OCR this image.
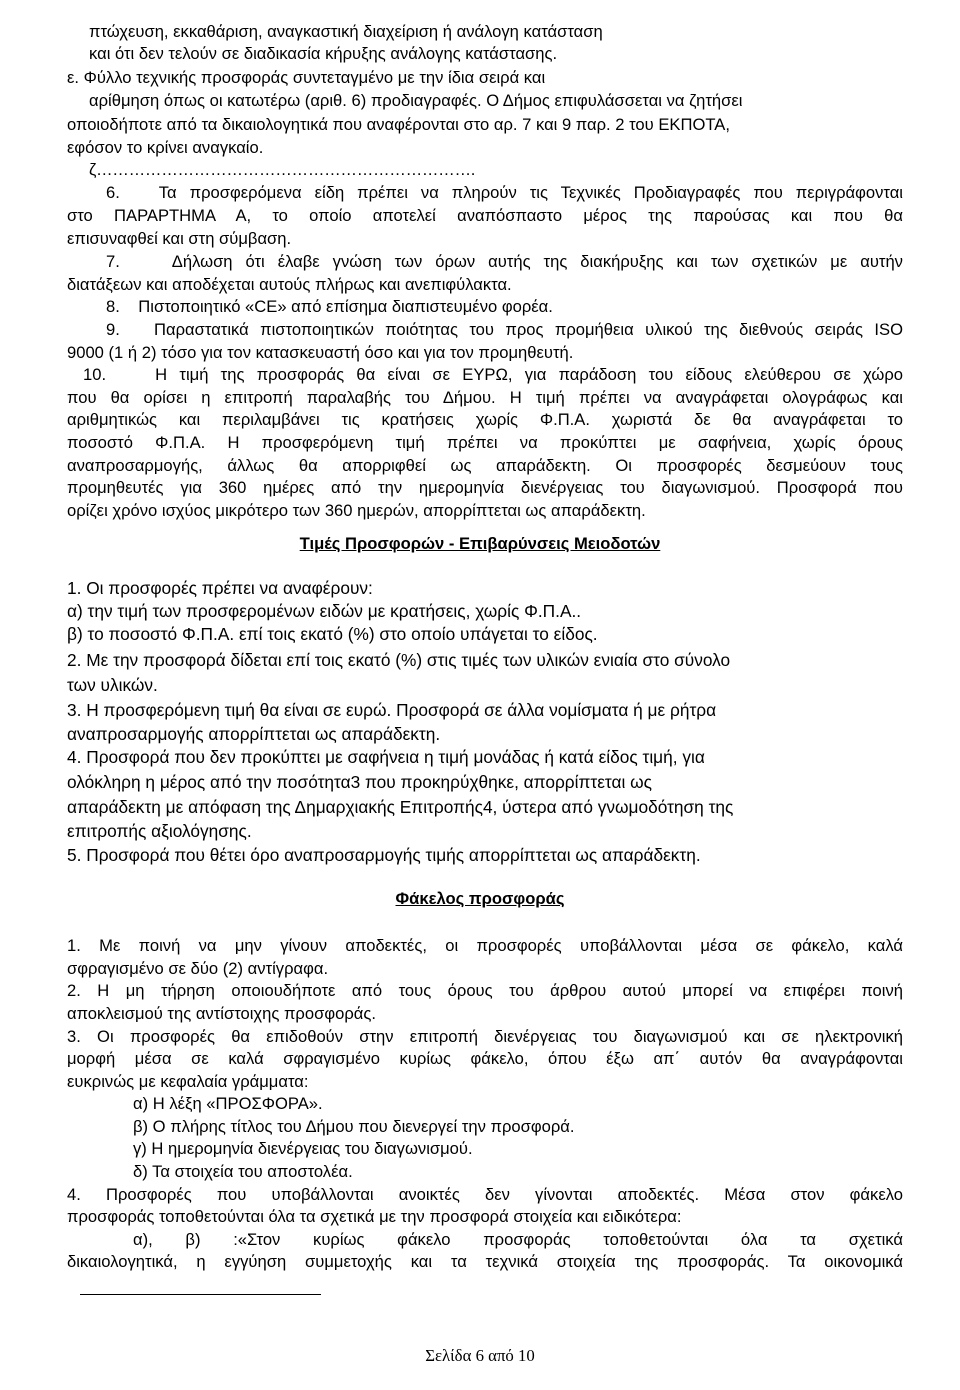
πτώχευση, εκκαθάριση, αναγκαστική διαχείριση ή ανάλογη κατάσταση

και ότι δεν τελούν σε διαδικασία κήρυξης ανάλογης κατάστασης.

ε. Φύλλο τεχνικής προσφοράς συντεταγμένο με την ίδια σειρά και

αρίθμηση όπως οι κατωτέρω (αριθ. 6) προδιαγραφές. Ο Δήμος επιφυλάσσεται να ζητήσει

οποιοδήποτε από τα δικαιολογητικά που αναφέρονται στο αρ. 7 και 9 παρ. 2 του ΕΚΠΟΤΑ,

εφόσον το κρίνει αναγκαίο.

ζ…………………………………………………………….

6. Τα προσφερόμενα είδη πρέπει να πληρούν τις Τεχνικές Προδιαγραφές που περιγράφονται

στο ΠΑΡΑΡΤΗΜΑ Α, το οποίο αποτελεί αναπόσπαστο μέρος της παρούσας και που θα

επισυναφθεί και στη σύμβαση.

7.	Δήλωση ότι έλαβε γνώση των όρων αυτής της διακήρυξης και των σχετικών με αυτήν

διατάξεων και αποδέχεται αυτούς πλήρως και ανεπιφύλακτα.

8. Πιστοποιητικό «CE» από επίσημα διαπιστευμένο φορέα.

9. Παραστατικά πιστοποιητικών ποιότητας του προς προμήθεια υλικού της διεθνούς σειράς ISO

9000 (1 ή 2) τόσο για τον κατασκευαστή όσο και για τον προμηθευτή.

10.	Η τιμή της προσφοράς θα είναι σε ΕΥΡΩ, για παράδοση του είδους ελεύθερου σε χώρο

που θα ορίσει η επιτροπή παραλαβής του Δήμου. Η τιμή πρέπει να αναγράφεται ολογράφως και

αριθμητικώς και περιλαμβάνει τις κρατήσεις χωρίς Φ.Π.Α. χωριστά δε θα αναγράφεται το

ποσοστό Φ.Π.Α. Η προσφερόμενη τιμή πρέπει να προκύπτει με σαφήνεια, χωρίς όρους

αναπροσαρμογής, άλλως θα απορριφθεί ως απαράδεκτη. Οι προσφορές δεσμεύουν τους

προμηθευτές για 360 ημέρες από την ημερομηνία διενέργειας του διαγωνισμού. Προσφορά που

ορίζει χρόνο ισχύος μικρότερο των 360 ημερών, απορρίπτεται ως απαράδεκτη.

Τιμές Προσφορών - Επιβαρύνσεις Μειοδοτών

1. Οι προσφορές πρέπει να αναφέρουν:

α) την τιμή των προσφερομένων ειδών με κρατήσεις, χωρίς Φ.Π.Α..

β) το ποσοστό Φ.Π.Α. επί τοις εκατό (%) στο οποίο υπάγεται το είδος.

2. Με την προσφορά δίδεται επί τοις εκατό (%) στις τιμές των υλικών ενιαία στο σύνολο

των υλικών.

3. Η προσφερόμενη τιμή θα είναι σε ευρώ. Προσφορά σε άλλα νομίσματα ή με ρήτρα

αναπροσαρμογής απορρίπτεται ως απαράδεκτη.

4. Προσφορά που δεν προκύπτει με σαφήνεια η τιμή μονάδας ή κατά είδος τιμή, για

ολόκληρη η μέρος από την ποσότητα3 που προκηρύχθηκε, απορρίπτεται ως

απαράδεκτη με απόφαση της Δημαρχιακής Επιτροπής4, ύστερα από γνωμοδότηση της

επιτροπής αξιολόγησης.

5. Προσφορά που θέτει όρο αναπροσαρμογής τιμής απορρίπτεται ως απαράδεκτη.

Φάκελος προσφοράς

1. Με ποινή να μην γίνουν αποδεκτές, οι προσφορές υποβάλλονται μέσα σε φάκελο, καλά

σφραγισμένο σε δύο (2) αντίγραφα.

2. Η μη τήρηση οποιουδήποτε από τους όρους του άρθρου αυτού μπορεί να επιφέρει ποινή

αποκλεισμού της αντίστοιχης προσφοράς.

3. Οι προσφορές θα επιδοθούν στην επιτροπή διενέργειας του διαγωνισμού και σε ηλεκτρονική

μορφή μέσα σε καλά σφραγισμένο κυρίως φάκελο, όπου έξω απ΄ αυτόν θα αναγράφονται

ευκρινώς με κεφαλαία γράμματα:

α) Η λέξη «ΠΡΟΣΦΟΡΑ».

β) Ο πλήρης τίτλος του Δήμου που διενεργεί την προσφορά.

γ) Η ημερομηνία διενέργειας του διαγωνισμού.

δ) Τα στοιχεία του αποστολέα.

4. Προσφορές που υποβάλλονται ανοικτές δεν γίνονται αποδεκτές. Μέσα στον φάκελο

προσφοράς τοποθετούνται όλα τα σχετικά με την προσφορά στοιχεία και ειδικότερα:

α), β) :«Στον κυρίως φάκελο προσφοράς τοποθετούνται όλα τα σχετικά

δικαιολογητικά, η εγγύηση συμμετοχής και τα τεχνικά στοιχεία της προσφοράς. Τα οικονομικά

Σελίδα 6 από 10
